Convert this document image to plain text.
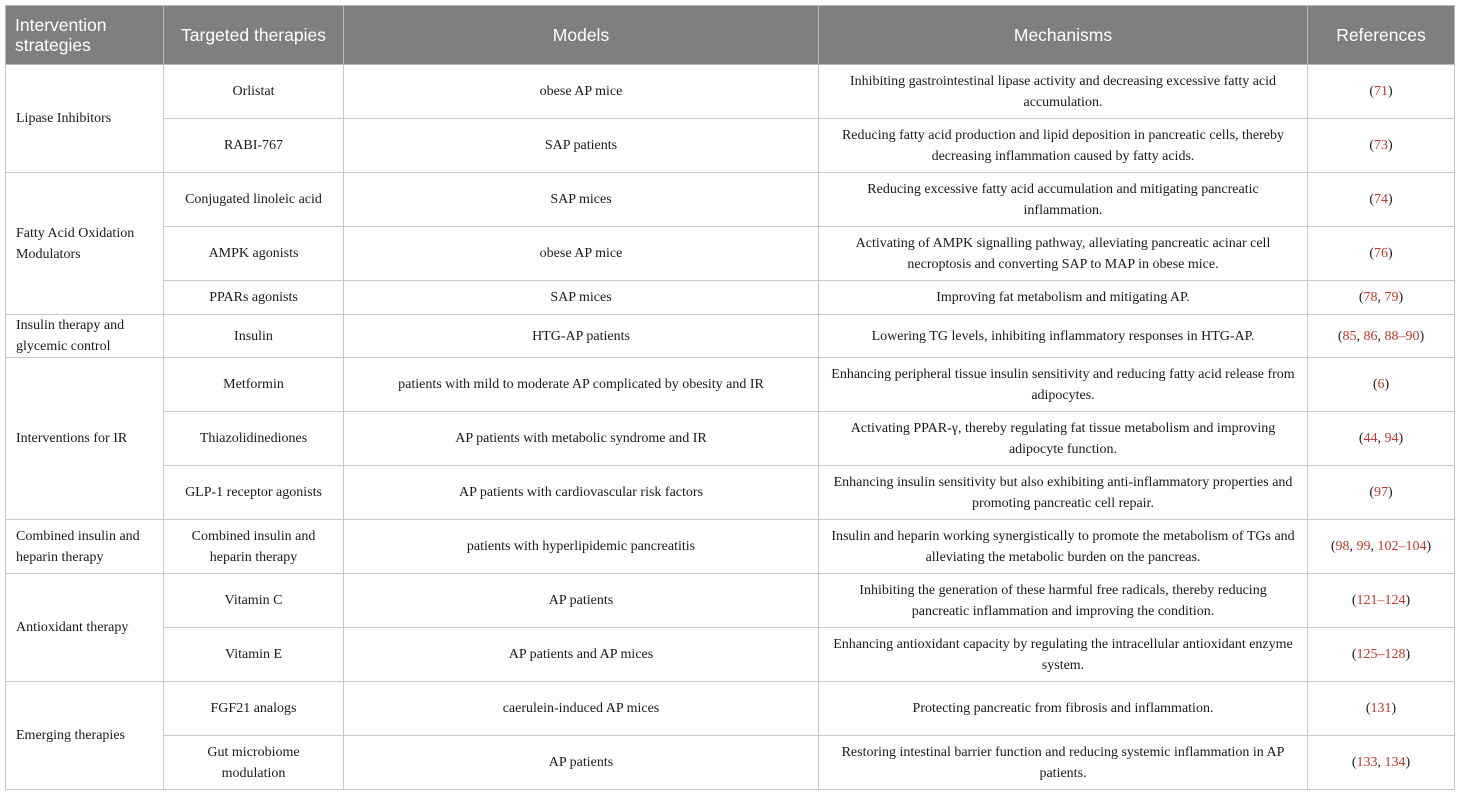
Intervention strategies	Targeted therapies	Models	Mechanisms	References
Lipase Inhibitors	Orlistat	obese AP mice	Inhibiting gastrointestinal lipase activity and decreasing excessive fatty acid accumulation.	(71)
	RABI-767	SAP patients	Reducing fatty acid production and lipid deposition in pancreatic cells, thereby decreasing inflammation caused by fatty acids.	(73)
Fatty Acid Oxidation Modulators	Conjugated linoleic acid	SAP mices	Reducing excessive fatty acid accumulation and mitigating pancreatic inflammation.	(74)
	AMPK agonists	obese AP mice	Activating of AMPK signalling pathway, alleviating pancreatic acinar cell necroptosis and converting SAP to MAP in obese mice.	(76)
	PPARs agonists	SAP mices	Improving fat metabolism and mitigating AP.	(78, 79)
Insulin therapy and glycemic control	Insulin	HTG-AP patients	Lowering TG levels, inhibiting inflammatory responses in HTG-AP.	(85, 86, 88–90)
Interventions for IR	Metformin	patients with mild to moderate AP complicated by obesity and IR	Enhancing peripheral tissue insulin sensitivity and reducing fatty acid release from adipocytes.	(6)
	Thiazolidinediones	AP patients with metabolic syndrome and IR	Activating PPAR-γ, thereby regulating fat tissue metabolism and improving adipocyte function.	(44, 94)
	GLP-1 receptor agonists	AP patients with cardiovascular risk factors	Enhancing insulin sensitivity but also exhibiting anti-inflammatory properties and promoting pancreatic cell repair.	(97)
Combined insulin and heparin therapy	Combined insulin and heparin therapy	patients with hyperlipidemic pancreatitis	Insulin and heparin working synergistically to promote the metabolism of TGs and alleviating the metabolic burden on the pancreas.	(98, 99, 102–104)
Antioxidant therapy	Vitamin C	AP patients	Inhibiting the generation of these harmful free radicals, thereby reducing pancreatic inflammation and improving the condition.	(121–124)
	Vitamin E	AP patients and AP mices	Enhancing antioxidant capacity by regulating the intracellular antioxidant enzyme system.	(125–128)
Emerging therapies	FGF21 analogs	caerulein-induced AP mices	Protecting pancreatic from fibrosis and inflammation.	(131)
	Gut microbiome modulation	AP patients	Restoring intestinal barrier function and reducing systemic inflammation in AP patients.	(133, 134)
